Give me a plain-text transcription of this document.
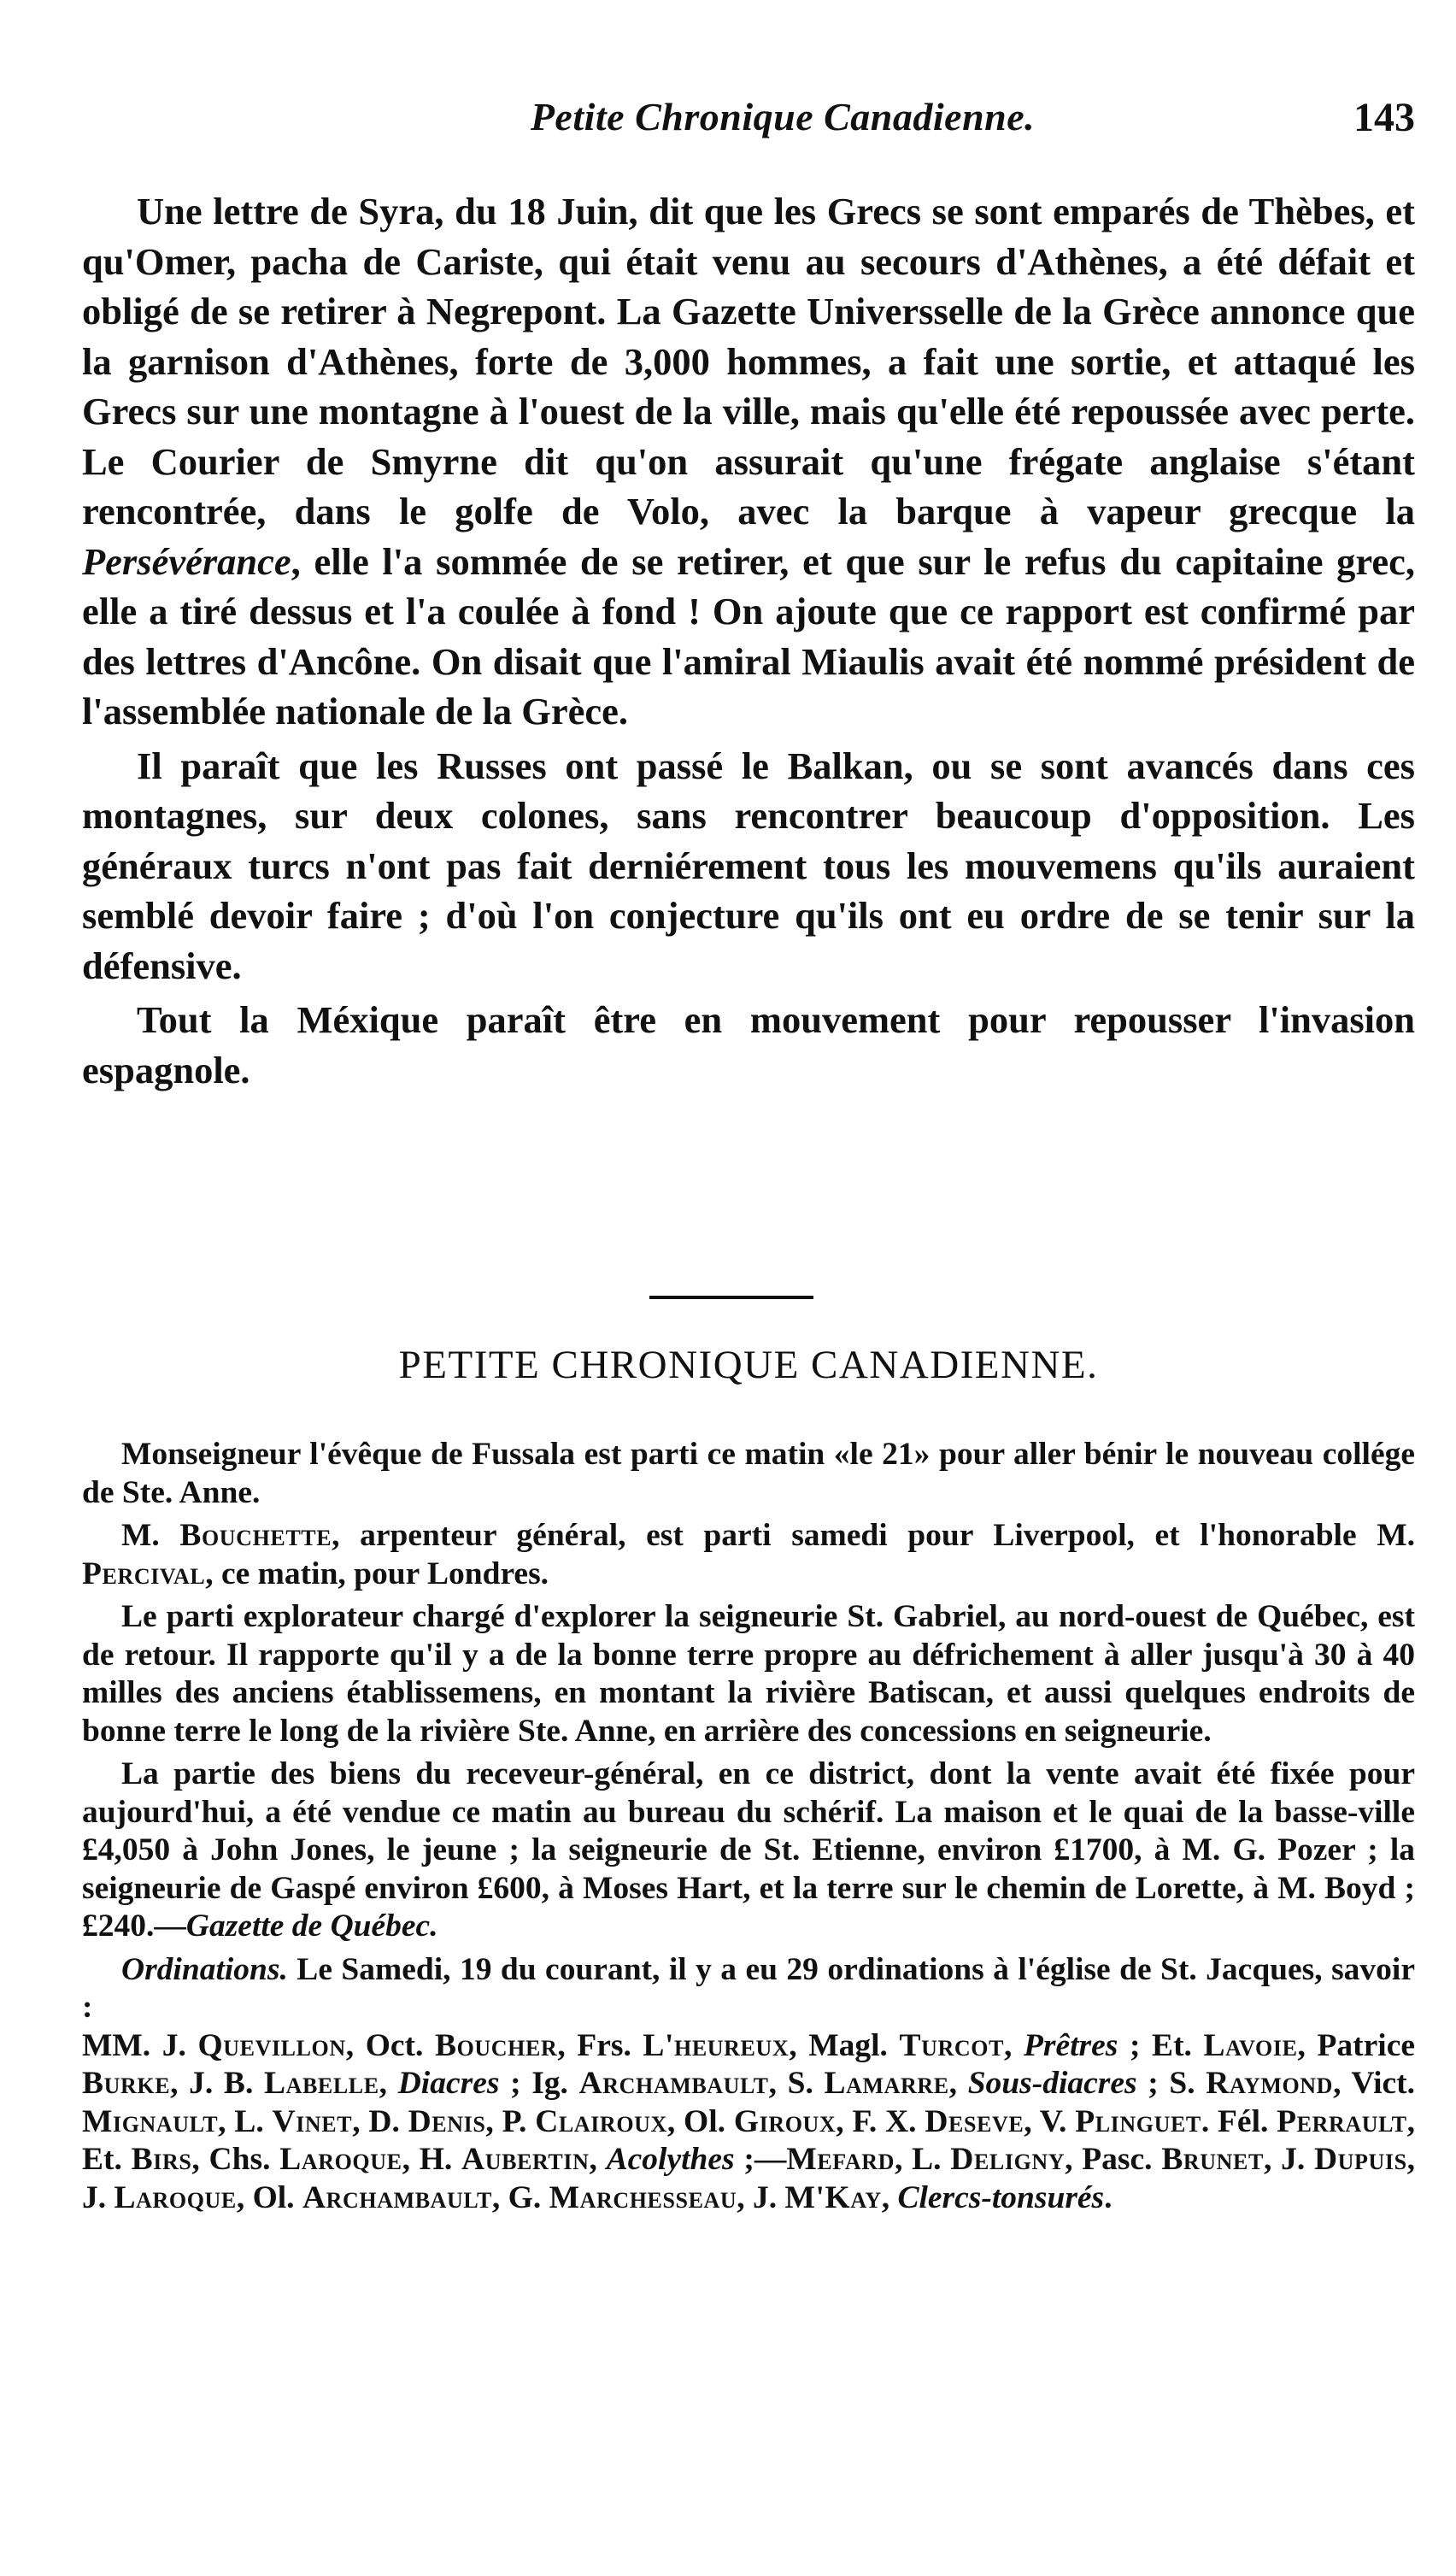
Petite Chronique Canadienne.	143

Une lettre de Syra, du 18 Juin, dit que les Grecs se sont emparés de Thèbes, et qu'Omer, pacha de Cariste, qui était venu au secours d'Athènes, a été défait et obligé de se retirer à Negrepont. La Gazette Universselle de la Grèce annonce que la garnison d'Athènes, forte de 3,000 hommes, a fait une sortie, et attaqué les Grecs sur une montagne à l'ouest de la ville, mais qu'elle été repoussée avec perte. Le Courier de Smyrne dit qu'on assurait qu'une frégate anglaise s'étant rencontrée, dans le golfe de Volo, avec la barque à vapeur grecque la Persévérance, elle l'a sommée de se retirer, et que sur le refus du capitaine grec, elle a tiré dessus et l'a coulée à fond ! On ajoute que ce rapport est confirmé par des lettres d'Ancône. On disait que l'amiral Miaulis avait été nommé président de l'assemblée nationale de la Grèce.

Il paraît que les Russes ont passé le Balkan, ou se sont avancés dans ces montagnes, sur deux colones, sans rencontrer beaucoup d'opposition. Les généraux turcs n'ont pas fait derniérement tous les mouvemens qu'ils auraient semblé devoir faire ; d'où l'on conjecture qu'ils ont eu ordre de se tenir sur la défensive.

Tout la Méxique paraît être en mouvement pour repousser l'invasion espagnole.

PETITE CHRONIQUE CANADIENNE.

Monseigneur l'évêque de Fussala est parti ce matin «le 21» pour aller bénir le nouveau collége de Ste. Anne.

M. Bouchette, arpenteur général, est parti samedi pour Liverpool, et l'honorable M. Percival, ce matin, pour Londres.

Le parti explorateur chargé d'explorer la seigneurie St. Gabriel, au nord-ouest de Québec, est de retour. Il rapporte qu'il y a de la bonne terre propre au défrichement à aller jusqu'à 30 à 40 milles des anciens établissemens, en montant la rivière Batiscan, et aussi quelques endroits de bonne terre le long de la rivière Ste. Anne, en arrière des concessions en seigneurie.

La partie des biens du receveur-général, en ce district, dont la vente avait été fixée pour aujourd'hui, a été vendue ce matin au bureau du schérif. La maison et le quai de la basse-ville £4,050 à John Jones, le jeune ; la seigneurie de St. Etienne, environ £1700, à M. G. Pozer ; la seigneurie de Gaspé environ £600, à Moses Hart, et la terre sur le chemin de Lorette, à M. Boyd ; £240.—Gazette de Québec.

Ordinations. Le Samedi, 19 du courant, il y a eu 29 ordinations à l'église de St. Jacques, savoir :
MM. J. Quevillon, Oct. Boucher, Frs. L'heureux, Magl. Turcot, Prêtres ; Et. Lavoie, Patrice Burke, J. B. Labelle, Diacres ; Ig. Archambault, S. Lamarre, Sous-diacres ; S. Raymond, Vict. Mignault, L. Vinet, D. Denis, P. Clairoux, Ol. Giroux, F. X. Deseve, V. Plinguet. Fél. Perrault, Et. Birs, Chs. Laroque, H. Aubertin, Acolythes ;—Mefard, L. Deligny, Pasc. Brunet, J. Dupuis, J. Laroque, Ol. Archambault, G. Marchesseau, J. M'Kay, Clercs-tonsurés.
